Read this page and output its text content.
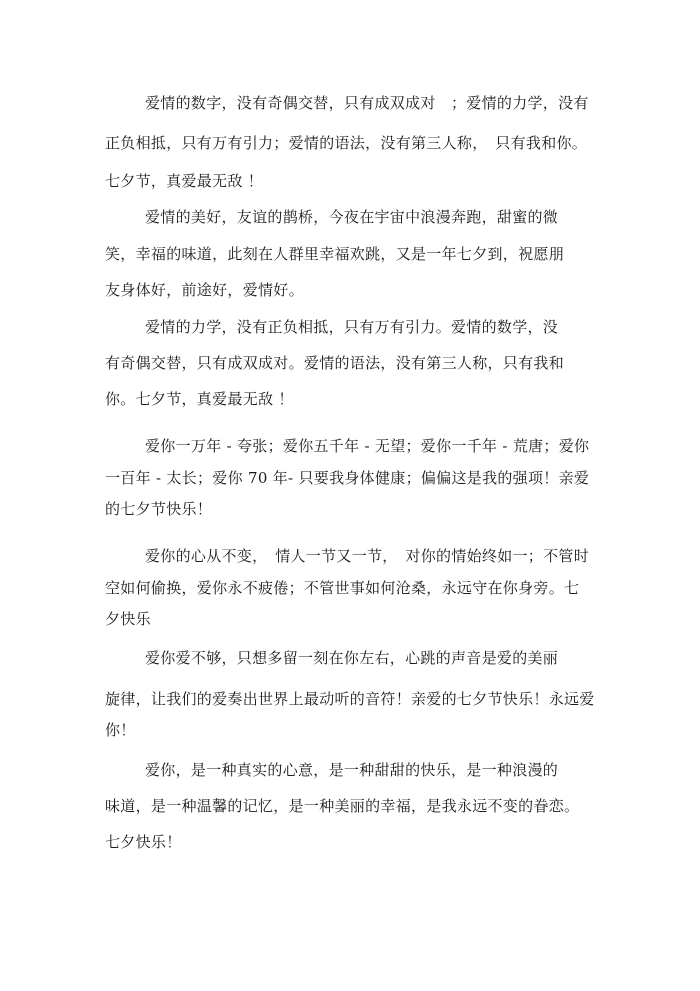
爱情的数字，没有奇偶交替，只有成双成对　；爱情的力学，没有
正负相抵，只有万有引力；爱情的语法，没有第三人称，　只有我和你。
七夕节，真爱最无敌 ！
爱情的美好，友谊的鹊桥，今夜在宇宙中浪漫奔跑，甜蜜的微
笑，幸福的味道，此刻在人群里幸福欢跳，又是一年七夕到，祝愿朋
友身体好，前途好，爱情好。
爱情的力学，没有正负相抵，只有万有引力。爱情的数学，没
有奇偶交替，只有成双成对。爱情的语法，没有第三人称，只有我和
你。七夕节，真爱最无敌 ！
爱你一万年 - 夸张；爱你五千年 - 无望；爱你一千年 - 荒唐；爱你
一百年 - 太长；爱你 70 年- 只要我身体健康；偏偏这是我的强项！亲爱
的七夕节快乐！
爱你的心从不变，　情人一节又一节，　对你的情始终如一；不管时
空如何偷换，爱你永不疲倦；不管世事如何沧桑，永远守在你身旁。七
夕快乐
爱你爱不够，只想多留一刻在你左右，心跳的声音是爱的美丽
旋律，让我们的爱奏出世界上最动听的音符！亲爱的七夕节快乐！永远爱
你！
爱你，是一种真实的心意，是一种甜甜的快乐，是一种浪漫的
味道，是一种温馨的记忆，是一种美丽的幸福，是我永远不变的眷恋。
七夕快乐！
